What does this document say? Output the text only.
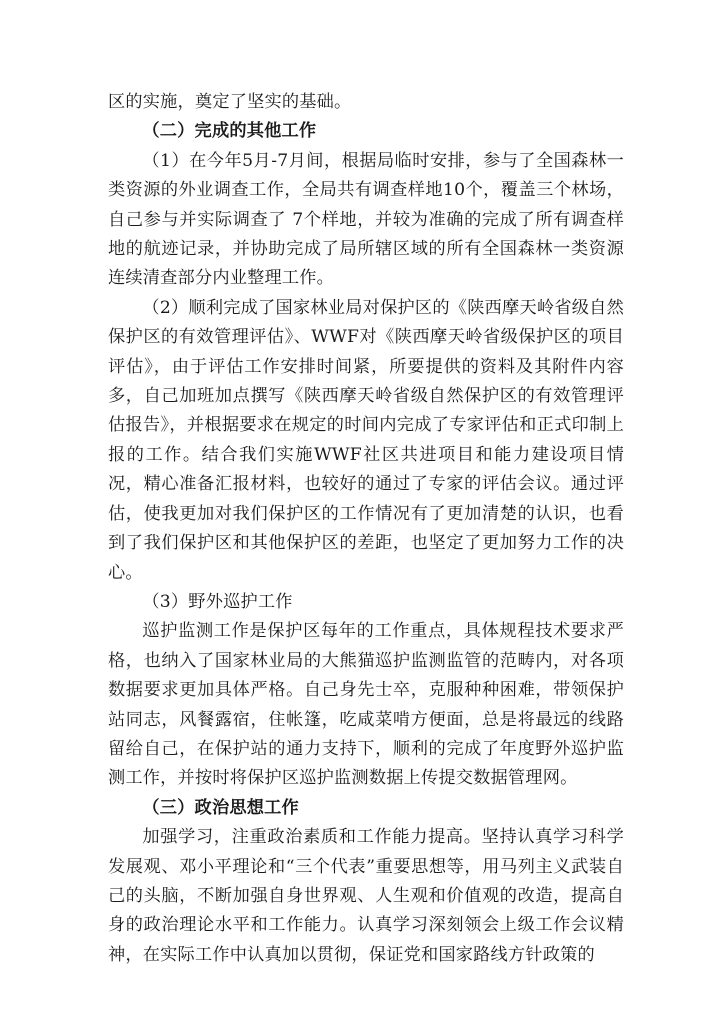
区的实施，奠定了坚实的基础。

（二）完成的其他工作

（1）在今年5月-7月间，根据局临时安排，参与了全国森林一类资源的外业调查工作，全局共有调查样地10个，覆盖三个林场，自己参与并实际调查了 7个样地，并较为准确的完成了所有调查样地的航迹记录，并协助完成了局所辖区域的所有全国森林一类资源连续清查部分内业整理工作。

（2）顺利完成了国家林业局对保护区的《陕西摩天岭省级自然保护区的有效管理评估》、WWF对《陕西摩天岭省级保护区的项目评估》，由于评估工作安排时间紧，所要提供的资料及其附件内容多，自己加班加点撰写《陕西摩天岭省级自然保护区的有效管理评估报告》，并根据要求在规定的时间内完成了专家评估和正式印制上报的工作。结合我们实施WWF社区共进项目和能力建设项目情况，精心准备汇报材料，也较好的通过了专家的评估会议。通过评估，使我更加对我们保护区的工作情况有了更加清楚的认识，也看到了我们保护区和其他保护区的差距，也坚定了更加努力工作的决心。

（3）野外巡护工作

巡护监测工作是保护区每年的工作重点，具体规程技术要求严格，也纳入了国家林业局的大熊猫巡护监测监管的范畴内，对各项数据要求更加具体严格。自己身先士卒，克服种种困难，带领保护站同志，风餐露宿，住帐篷，吃咸菜啃方便面，总是将最远的线路留给自己，在保护站的通力支持下，顺利的完成了年度野外巡护监测工作，并按时将保护区巡护监测数据上传提交数据管理网。

（三）政治思想工作

加强学习，注重政治素质和工作能力提高。坚持认真学习科学发展观、邓小平理论和“三个代表”重要思想等，用马列主义武装自己的头脑，不断加强自身世界观、人生观和价值观的改造，提高自身的政治理论水平和工作能力。认真学习深刻领会上级工作会议精神，在实际工作中认真加以贯彻，保证党和国家路线方针政策的
